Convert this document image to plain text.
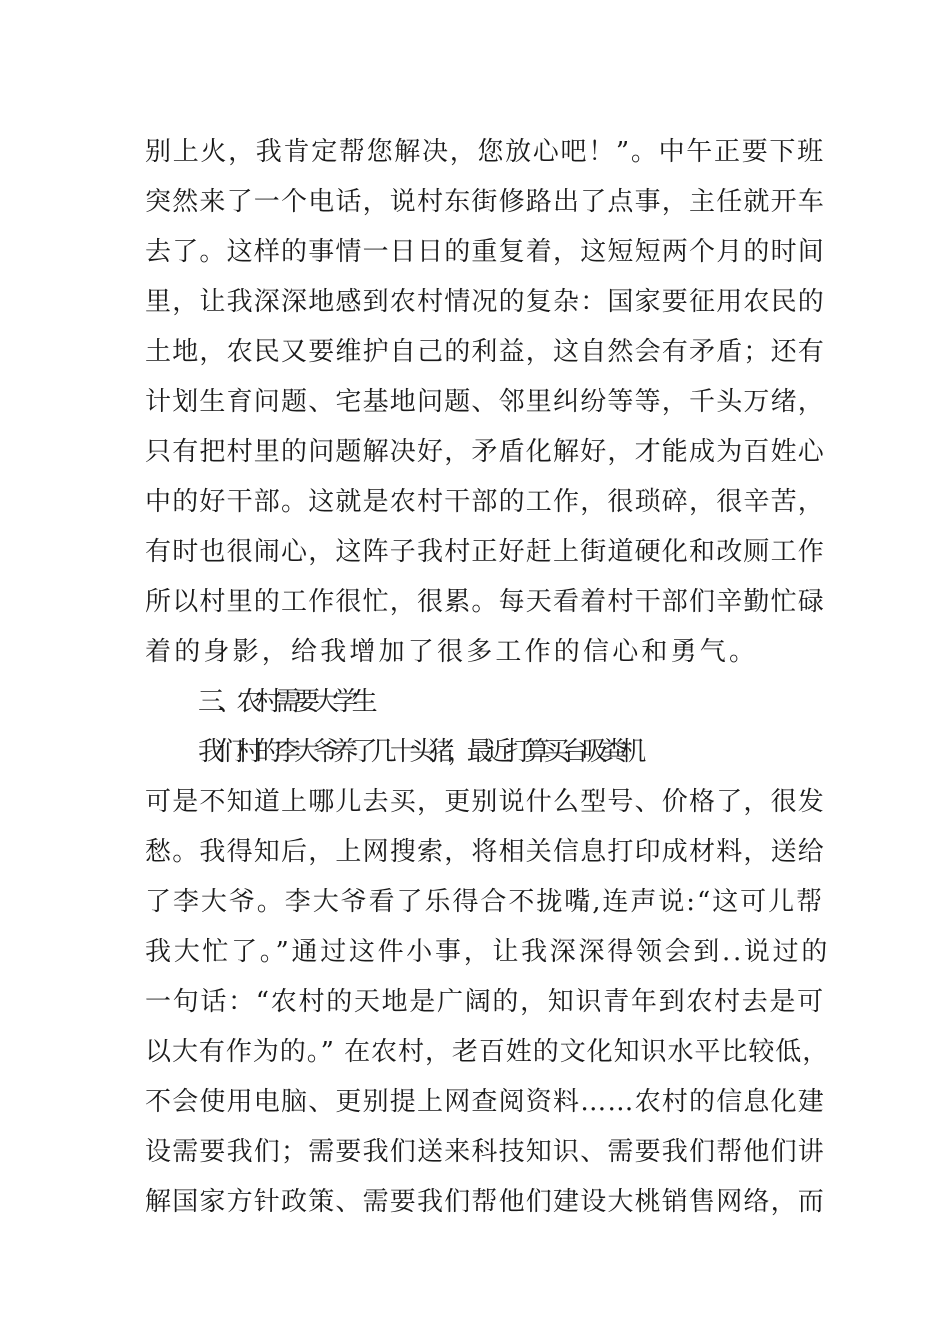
别上火，我肯定帮您解决，您放心吧！”。中午正要下班
突然来了一个电话，说村东街修路出了点事，主任就开车
去了。这样的事情一日日的重复着，这短短两个月的时间
里，让我深深地感到农村情况的复杂：国家要征用农民的
土地，农民又要维护自己的利益，这自然会有矛盾；还有
计划生育问题、宅基地问题、邻里纠纷等等，千头万绪，
只有把村里的问题解决好，矛盾化解好，才能成为百姓心
中的好干部。这就是农村干部的工作，很琐碎，很辛苦，
有时也很闹心，这阵子我村正好赶上街道硬化和改厕工作
所以村里的工作很忙，很累。每天看着村干部们辛勤忙碌
着的身影，给我增加了很多工作的信心和勇气。
三、农村需要大学生
我们村的李大爷养了几十头猪，最近打算买台吸粪机
可是不知道上哪儿去买，更别说什么型号、价格了，很发
愁。我得知后，上网搜索，将相关信息打印成材料，送给
了李大爷。李大爷看了乐得合不拢嘴,连声说:“这可儿帮
我大忙了。”通过这件小事，让我深深得领会到..说过的
一句话：“农村的天地是广阔的，知识青年到农村去是可
以大有作为的。” 在农村，老百姓的文化知识水平比较低，
不会使用电脑、更别提上网查阅资料……农村的信息化建
设需要我们；需要我们送来科技知识、需要我们帮他们讲
解国家方针政策、需要我们帮他们建设大桃销售网络，而
